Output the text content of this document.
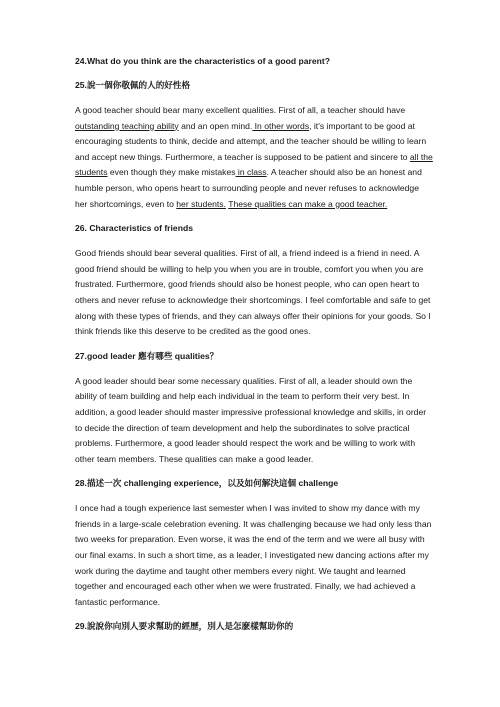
24.What do you think are the characteristics of a good parent?
25.說一個你敬佩的人的好性格

A good teacher should bear many excellent qualities. First of all, a teacher should have outstanding teaching ability and an open mind. In other words, it's important to be good at encouraging students to think, decide and attempt, and the teacher should be willing to learn and accept new things. Furthermore, a teacher is supposed to be patient and sincere to all the students even though they make mistakes in class. A teacher should also be an honest and humble person, who opens heart to surrounding people and never refuses to acknowledge her shortcomings, even to her students. These qualities can make a good teacher.

26. Characteristics of friends

Good friends should bear several qualities. First of all, a friend indeed is a friend in need. A good friend should be willing to help you when you are in trouble, comfort you when you are frustrated. Furthermore, good friends should also be honest people, who can open heart to others and never refuse to acknowledge their shortcomings. I feel comfortable and safe to get along with these types of friends, and they can always offer their opinions for your goods. So I think friends like this deserve to be credited as the good ones.

27.good leader 應有哪些 qualities？

A good leader should bear some necessary qualities. First of all, a leader should own the ability of team building and help each individual in the team to perform their very best. In addition, a good leader should master impressive professional knowledge and skills, in order to decide the direction of team development and help the subordinates to solve practical problems. Furthermore, a good leader should respect the work and be willing to work with other team members. These qualities can make a good leader.

28.描述一次 challenging experience，以及如何解決這個 challenge

I once had a tough experience last semester when I was invited to show my dance with my friends in a large-scale celebration evening. It was challenging because we had only less than two weeks for preparation. Even worse, it was the end of the term and we were all busy with our final exams. In such a short time, as a leader, I investigated new dancing actions after my work during the daytime and taught other members every night. We taught and learned together and encouraged each other when we were frustrated. Finally, we had achieved a fantastic performance.

29.說說你向別人要求幫助的經歷，別人是怎麽樣幫助你的
